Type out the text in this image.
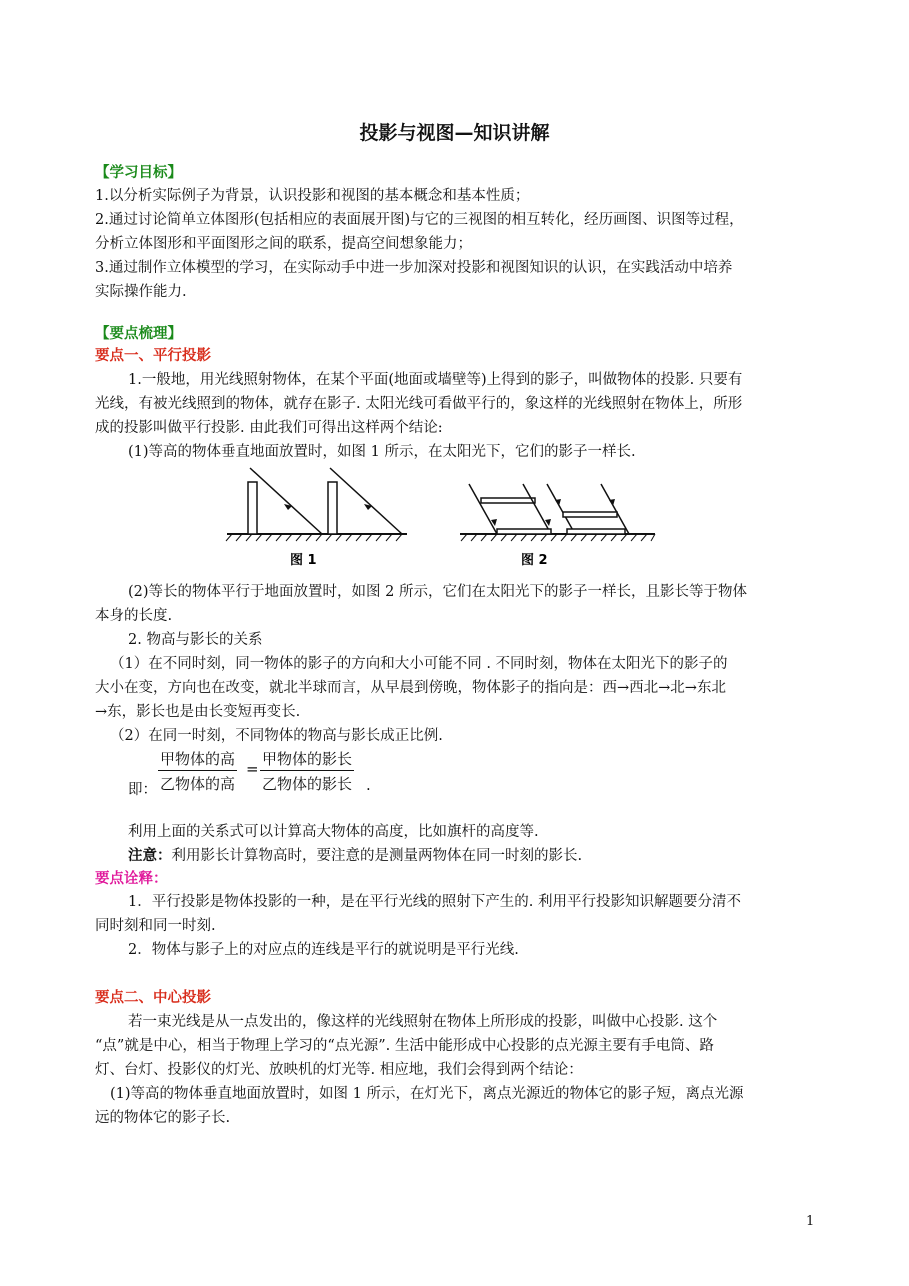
投影与视图—知识讲解
【学习目标】
1.以分析实际例子为背景，认识投影和视图的基本概念和基本性质；
2.通过讨论简单立体图形(包括相应的表面展开图)与它的三视图的相互转化，经历画图、识图等过程，
分析立体图形和平面图形之间的联系，提高空间想象能力；
3.通过制作立体模型的学习，在实际动手中进一步加深对投影和视图知识的认识，在实践活动中培养
实际操作能力.
【要点梳理】
要点一、平行投影
1.一般地，用光线照射物体，在某个平面(地面或墙壁等)上得到的影子，叫做物体的投影. 只要有
光线，有被光线照到的物体，就存在影子. 太阳光线可看做平行的，象这样的光线照射在物体上，所形
成的投影叫做平行投影. 由此我们可得出这样两个结论:
(1)等高的物体垂直地面放置时，如图 1 所示，在太阳光下，它们的影子一样长.
图 1	图 2
(2)等长的物体平行于地面放置时，如图 2 所示，它们在太阳光下的影子一样长，且影长等于物体
本身的长度.
2. 物高与影长的关系
（1）在不同时刻，同一物体的影子的方向和大小可能不同 . 不同时刻，物体在太阳光下的影子的
大小在变，方向也在改变，就北半球而言，从早晨到傍晚，物体影子的指向是：西→西北→北→东北
→东，影长也是由长变短再变长.
（2）在同一时刻，不同物体的物高与影长成正比例.
即：
甲物体的高
乙物体的高
=
甲物体的影长
乙物体的影长 .
利用上面的关系式可以计算高大物体的高度，比如旗杆的高度等.
注意：利用影长计算物高时，要注意的是测量两物体在同一时刻的影长.
要点诠释：
1．平行投影是物体投影的一种，是在平行光线的照射下产生的. 利用平行投影知识解题要分清不
同时刻和同一时刻.
2．物体与影子上的对应点的连线是平行的就说明是平行光线.
要点二、中心投影
若一束光线是从一点发出的，像这样的光线照射在物体上所形成的投影，叫做中心投影. 这个
“点”就是中心，相当于物理上学习的“点光源”. 生活中能形成中心投影的点光源主要有手电筒、路
灯、台灯、投影仪的灯光、放映机的灯光等. 相应地，我们会得到两个结论：
(1)等高的物体垂直地面放置时，如图 1 所示，在灯光下，离点光源近的物体它的影子短，离点光源
远的物体它的影子长.
1
